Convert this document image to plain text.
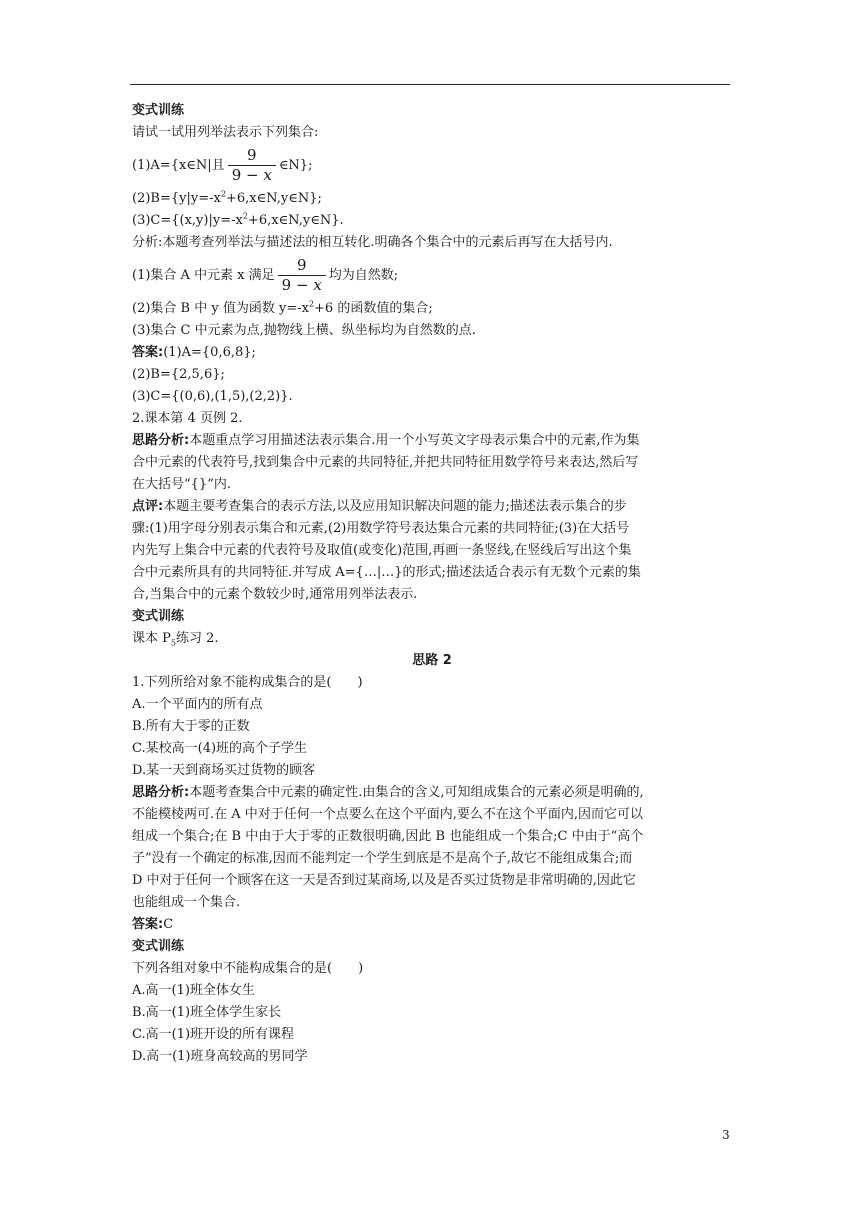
变式训练
请试一试用列举法表示下列集合:
(1)A={x∈N|且 $\frac{9}{9 - x}$ ∈N};
$(2)B=\{y|y=-x^2+6,x\in N,y\in N\}$;
$(3)C=\{(x,y)|y=-x^2+6,x\in N,y\in N\}$.
分析:本题考查列举法与描述法的相互转化.明确各个集合中的元素后再写在大括号内.
(1)集合 A 中元素 x 满足 $\frac{9}{9 - x}$ 均为自然数;
(2)集合 B 中 y 值为函数 $y=-x^2+6$ 的函数值的集合;
(3)集合 C 中元素为点,抛物线上横、纵坐标均为自然数的点.
答案:(1)A={0,6,8};
(2)B={2,5,6};
(3)C={(0,6),(1,5),(2,2)}.
2.课本第 4 页例 2.
思路分析:本题重点学习用描述法表示集合.用一个小写英文字母表示集合中的元素,作为集
合中元素的代表符号,找到集合中元素的共同特征,并把共同特征用数学符号来表达,然后写
在大括号“{}”内.
点评:本题主要考查集合的表示方法,以及应用知识解决问题的能力;描述法表示集合的步
骤:(1)用字母分别表示集合和元素,(2)用数学符号表达集合元素的共同特征;(3)在大括号
内先写上集合中元素的代表符号及取值(或变化)范围,再画一条竖线,在竖线后写出这个集
合中元素所具有的共同特征.并写成 A={…|…}的形式;描述法适合表示有无数个元素的集
合,当集合中的元素个数较少时,通常用列举法表示.
变式训练
课本 $P_5$练习 2.
思路 2
1.下列所给对象不能构成集合的是(　　)
A.一个平面内的所有点
B.所有大于零的正数
C.某校高一(4)班的高个子学生
D.某一天到商场买过货物的顾客
思路分析:本题考查集合中元素的确定性.由集合的含义,可知组成集合的元素必须是明确的,
不能模棱两可.在 A 中对于任何一个点要么在这个平面内,要么不在这个平面内,因而它可以
组成一个集合;在 B 中由于大于零的正数很明确,因此 B 也能组成一个集合;C 中由于“高个
子”没有一个确定的标准,因而不能判定一个学生到底是不是高个子,故它不能组成集合;而
D 中对于任何一个顾客在这一天是否到过某商场,以及是否买过货物是非常明确的,因此它
也能组成一个集合.
答案:C
变式训练
下列各组对象中不能构成集合的是(　　)
A.高一(1)班全体女生
B.高一(1)班全体学生家长
C.高一(1)班开设的所有课程
D.高一(1)班身高较高的男同学
3
